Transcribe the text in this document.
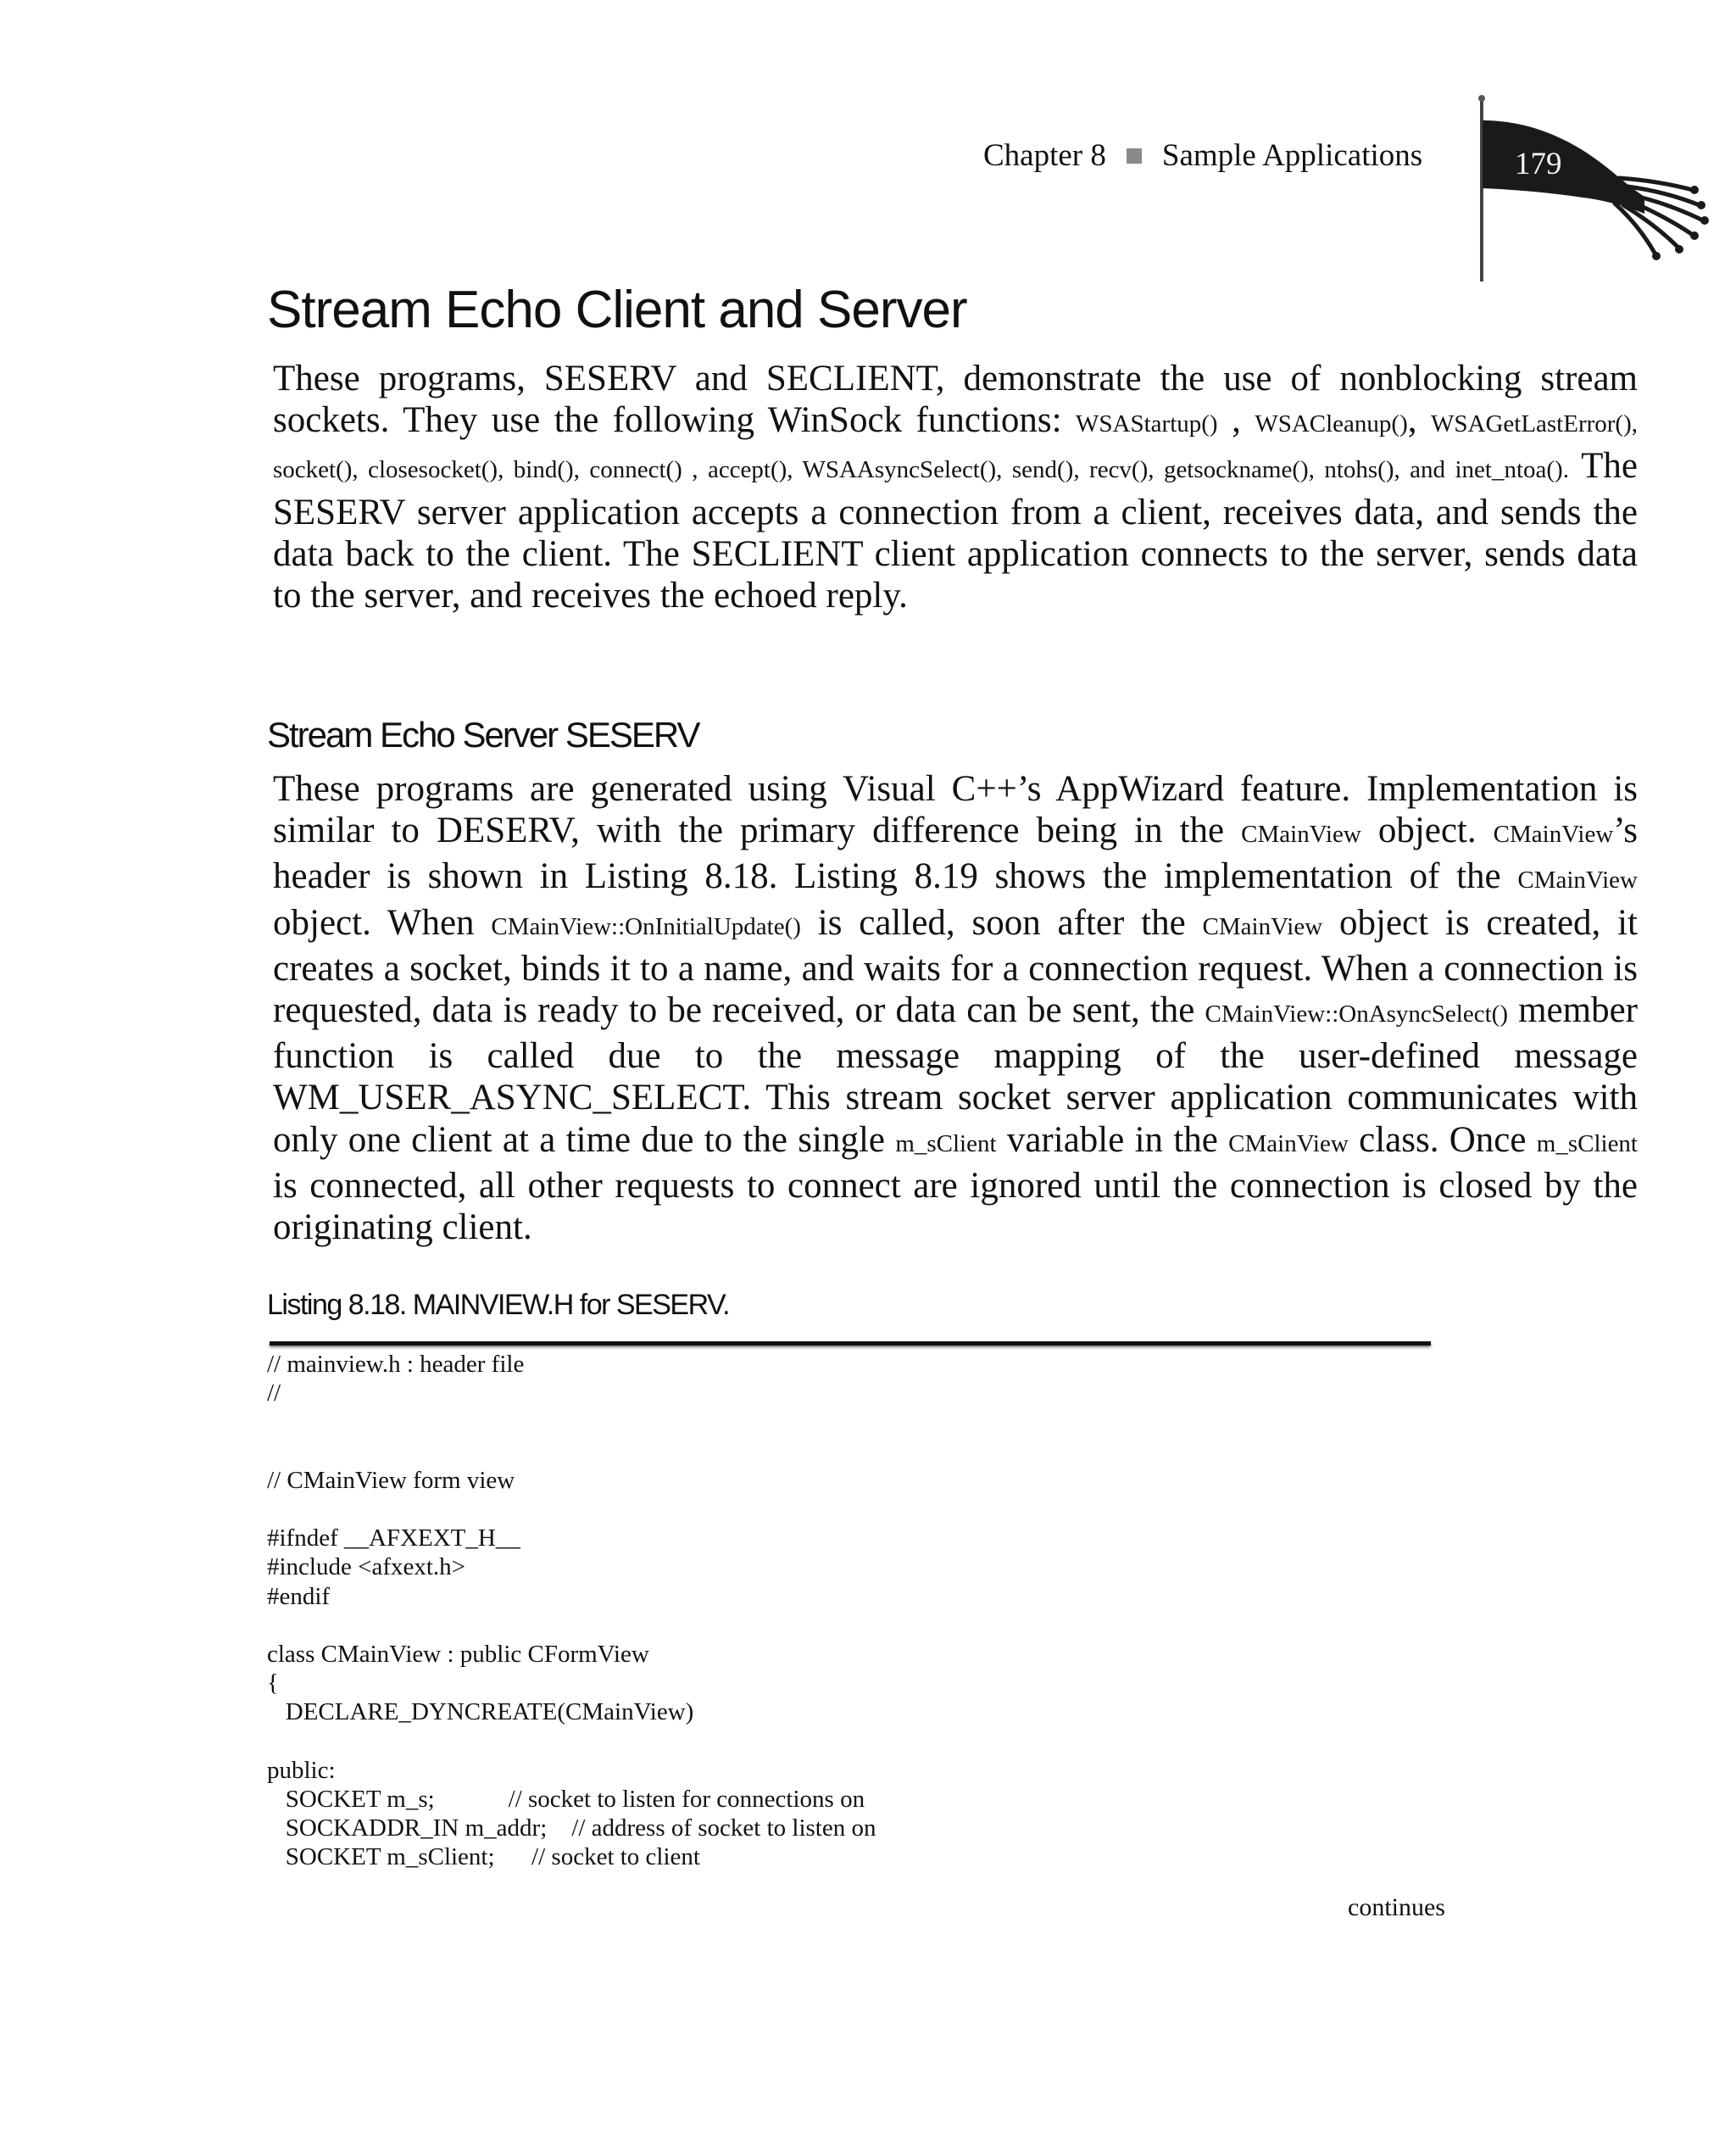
Chapter 8 Sample Applications	179
Stream Echo Client and Server

These programs, SESERV and SECLIENT, demonstrate the use of nonblocking stream sockets. They use the following WinSock functions: WSAStartup() , WSACleanup(), WSAGetLastError(), socket(), closesocket(), bind(), connect() , accept(), WSAAsyncSelect(), send(), recv(), getsockname(), ntohs(), and inet_ntoa(). The SESERV server application accepts a connection from a client, receives data, and sends the data back to the client. The SECLIENT client application connects to the server, sends data to the server, and receives the echoed reply.

Stream Echo Server SESERV

These programs are generated using Visual C++’s AppWizard feature. Implementation is similar to DESERV, with the primary difference being in the CMainView object. CMainView’s header is shown in Listing 8.18. Listing 8.19 shows the implementation of the CMainView object. When CMainView::OnInitialUpdate() is called, soon after the CMainView object is created, it creates a socket, binds it to a name, and waits for a connection request. When a connection is requested, data is ready to be received, or data can be sent, the CMainView::OnAsyncSelect() member function is called due to the message mapping of the user-defined message WM_USER_ASYNC_SELECT. This stream socket server application communicates with only one client at a time due to the single m_sClient variable in the CMainView class. Once m_sClient is connected, all other requests to connect are ignored until the connection is closed by the originating client.

Listing 8.18. MAINVIEW.H for SESERV.
// mainview.h : header file
//

// CMainView form view

#ifndef __AFXEXT_H__
#include <afxext.h>
#endif

class CMainView : public CFormView
{
DECLARE_DYNCREATE(CMainView)

public:
SOCKET m_s;            // socket to listen for connections on
SOCKADDR_IN m_addr;    // address of socket to listen on
SOCKET m_sClient;      // socket to client
continues
